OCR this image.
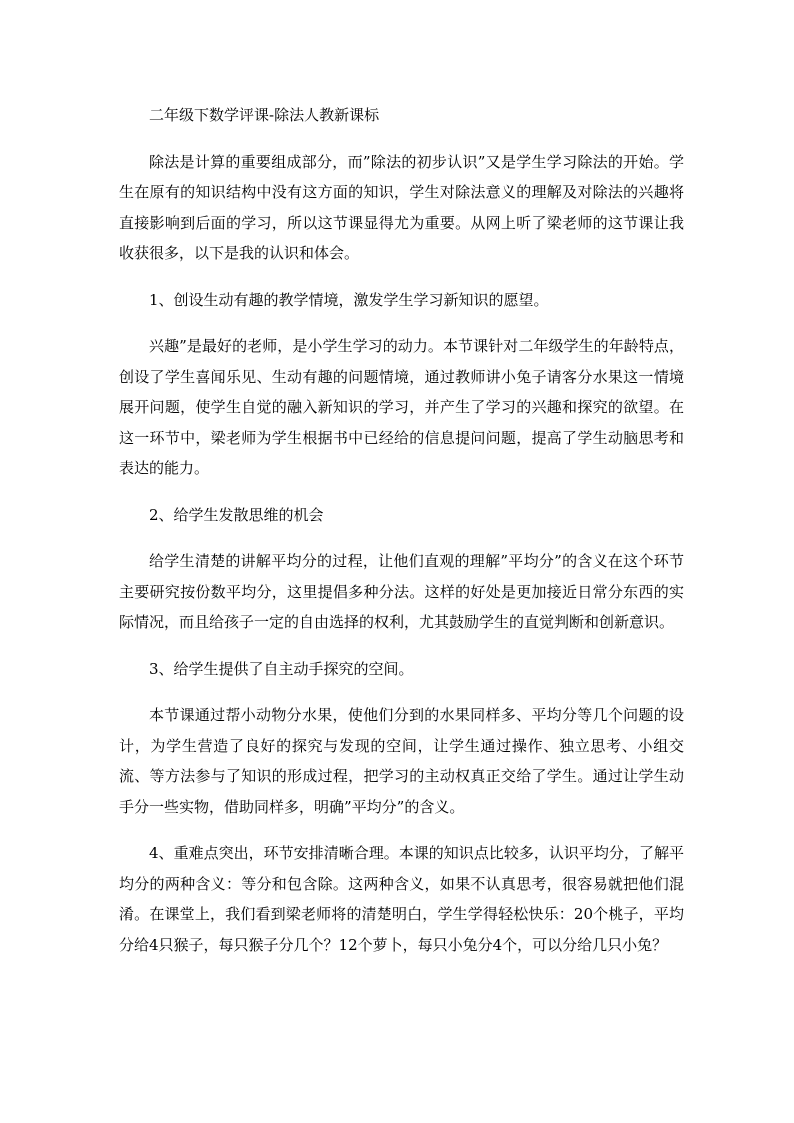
二年级下数学评课-除法人教新课标

除法是计算的重要组成部分，而”除法的初步认识”又是学生学习除法的开始。学生在原有的知识结构中没有这方面的知识，学生对除法意义的理解及对除法的兴趣将直接影响到后面的学习，所以这节课显得尤为重要。从网上听了梁老师的这节课让我收获很多，以下是我的认识和体会。

1、创设生动有趣的教学情境，激发学生学习新知识的愿望。

兴趣”是最好的老师，是小学生学习的动力。本节课针对二年级学生的年龄特点，创设了学生喜闻乐见、生动有趣的问题情境，通过教师讲小兔子请客分水果这一情境展开问题，使学生自觉的融入新知识的学习，并产生了学习的兴趣和探究的欲望。在这一环节中，梁老师为学生根据书中已经给的信息提问问题，提高了学生动脑思考和表达的能力。

2、给学生发散思维的机会

给学生清楚的讲解平均分的过程，让他们直观的理解”平均分”的含义在这个环节主要研究按份数平均分，这里提倡多种分法。这样的好处是更加接近日常分东西的实际情况，而且给孩子一定的自由选择的权利，尤其鼓励学生的直觉判断和创新意识。

3、给学生提供了自主动手探究的空间。

本节课通过帮小动物分水果，使他们分到的水果同样多、平均分等几个问题的设计，为学生营造了良好的探究与发现的空间，让学生通过操作、独立思考、小组交流、等方法参与了知识的形成过程，把学习的主动权真正交给了学生。通过让学生动手分一些实物，借助同样多，明确”平均分”的含义。

4、重难点突出，环节安排清晰合理。本课的知识点比较多，认识平均分，了解平均分的两种含义：等分和包含除。这两种含义，如果不认真思考，很容易就把他们混淆。在课堂上，我们看到梁老师将的清楚明白，学生学得轻松快乐：20个桃子，平均分给4只猴子，每只猴子分几个？12个萝卜，每只小兔分4个，可以分给几只小兔？
